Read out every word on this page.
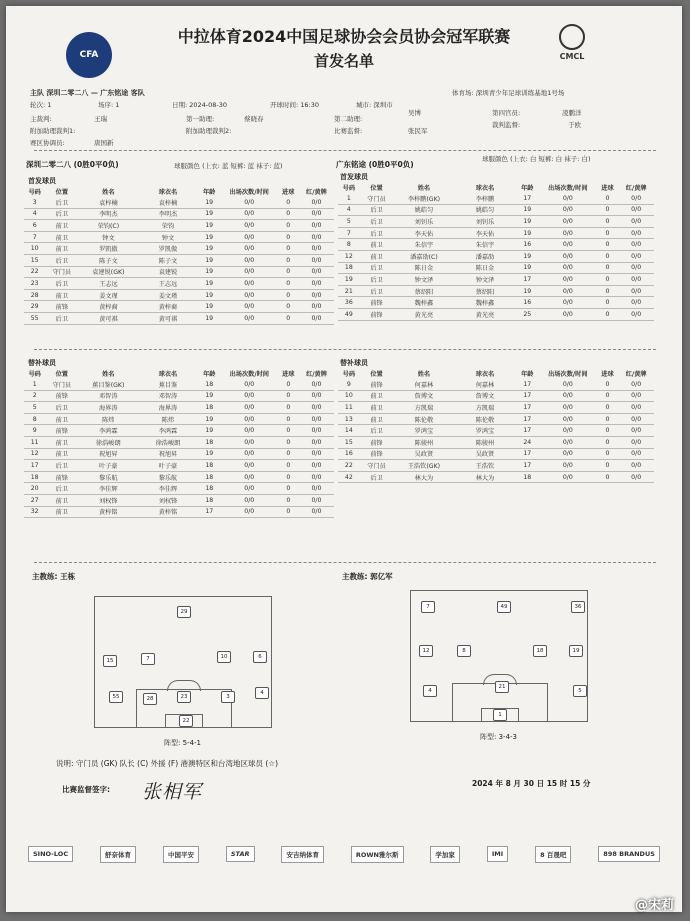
CFA	CMCL
中拉体育2024中国足球协会会员协会冠军联赛
首发名单
主队 深圳二零二八 — 广东铭途 客队	体育场: 深圳青少年足球训练基地1号场
轮次: 1	场序: 1	日期: 2024-08-30	开球时间: 16:30	城市: 深圳市
主裁判:	王瑞	第一助理:	蔡晓春	第二助理:
吴博	第四官员:	凌鹏洋
附加助理裁判1:	附加助理裁判2:	比赛监督:	张民军
裁判监督:	于欧
赛区协调员:	唐国新
深圳二零二八 (0胜0平0负)	球服颜色 (上衣: 蓝 短裤: 蓝 袜子: 蓝)	广东铭途 (0胜0平0负)
球服颜色 (上衣: 白 短裤: 白 袜子: 白)
首发球员	首发球员
号码	位置	姓名	球衣名	年龄	出场次数/时间	进球	红/黄牌
3	后卫	袁梓楠	袁梓楠	19	0/0	0	0/0
4	后卫	李明杰	李明杰	19	0/0	0	0/0
6	前卫	荣钧(C)	荣钧	19	0/0	0	0/0
7	前卫	钟文	钟文	19	0/0	0	0/0
10	前卫	罗凯傲	罗凯傲	19	0/0	0	0/0
15	后卫	陈子文	陈子文	19	0/0	0	0/0
22	守门员	袁建锐(GK)	袁建锐	19	0/0	0	0/0
23	后卫	王志远	王志远	19	0/0	0	0/0
28	前卫	姜文瑾	姜文瑾	19	0/0	0	0/0
29	前锋	黄梓裔	黄梓裔	19	0/0	0	0/0
55	后卫	黄可祺	黄可祺	19	0/0	0	0/0
号码	位置	姓名	球衣名	年龄	出场次数/时间	进球	红/黄牌
1	守门员	李梓鹏(GK)	李梓鹏	17	0/0	0	0/0
4	后卫	姚皓匀	姚皓匀	19	0/0	0	0/0
5	后卫	刘钊乐	刘钊乐	19	0/0	0	0/0
7	后卫	李天佑	李天佑	19	0/0	0	0/0
8	前卫	朱信宇	朱信宇	16	0/0	0	0/0
12	前卫	潘嘉劭(C)	潘嘉劭	19	0/0	0	0/0
18	后卫	陈日金	陈日金	19	0/0	0	0/0
19	后卫	钟文泽	钟文泽	17	0/0	0	0/0
21	后卫	蔡绍阳	蔡绍阳	19	0/0	0	0/0
36	前锋	魏梓鑫	魏梓鑫	16	0/0	0	0/0
49	前锋	黄光亮	黄光亮	25	0/0	0	0/0
替补球员	替补球员
号码	位置	姓名	球衣名	年龄	出场次数/时间	进球	红/黄牌
1	守门员	蕉目鉴(GK)	蕉目鉴	18	0/0	0	0/0
2	前锋	邓智涛	邓智涛	19	0/0	0	0/0
5	后卫	海界涛	海界涛	18	0/0	0	0/0
8	前卫	陈炜	陈炜	19	0/0	0	0/0
9	前锋	李鸿霖	李鸿霖	19	0/0	0	0/0
11	前卫	徐浩峻朗	徐浩峻朗	18	0/0	0	0/0
12	前卫	祝旭昇	祝旭昇	19	0/0	0	0/0
17	后卫	叶子豪	叶子豪	18	0/0	0	0/0
18	前锋	黎乐航	黎乐航	18	0/0	0	0/0
20	后卫	李佳辉	李佳辉	18	0/0	0	0/0
27	前卫	刘权锋	刘权锋	18	0/0	0	0/0
32	前卫	黄梓铭	黄梓铭	17	0/0	0	0/0
号码	位置	姓名	球衣名	年龄	出场次数/时间	进球	红/黄牌
9	前锋	何嘉林	何嘉林	17	0/0	0	0/0
10	前卫	詹博文	詹博文	17	0/0	0	0/0
11	前卫	方凯瑞	方凯瑞	17	0/0	0	0/0
13	前卫	陈伦敬	陈伦敬	17	0/0	0	0/0
14	后卫	罗鸿宝	罗鸿宝	17	0/0	0	0/0
15	前锋	陈骏州	陈骏州	24	0/0	0	0/0
16	前锋	吴政贤	吴政贤	17	0/0	0	0/0
22	守门员	王浩钦(GK)	王浩钦	17	0/0	0	0/0
42	后卫	林大为	林大为	18	0/0	0	0/0
主教练: 王栋	主教练: 郭亿军
29
15	7	10	6
55	28	23	3
4
22
阵型: 5-4-1
7	49	36
12	8	18	19
4
21
5
1
阵型: 3-4-3
说明: 守门员 (GK) 队长 (C) 外援 (F) 港澳特区和台湾地区球员 (☆)
2024 年 8 月 30 日 15 时 15 分
比赛监督签字: 张相军
SINO-LOC	舒奈体育	中国平安	STAR	安吉纳体育	ROWN雅尔斯	学加家	IMI	8 百晟吧	898 BRANDUS
@宋莉
